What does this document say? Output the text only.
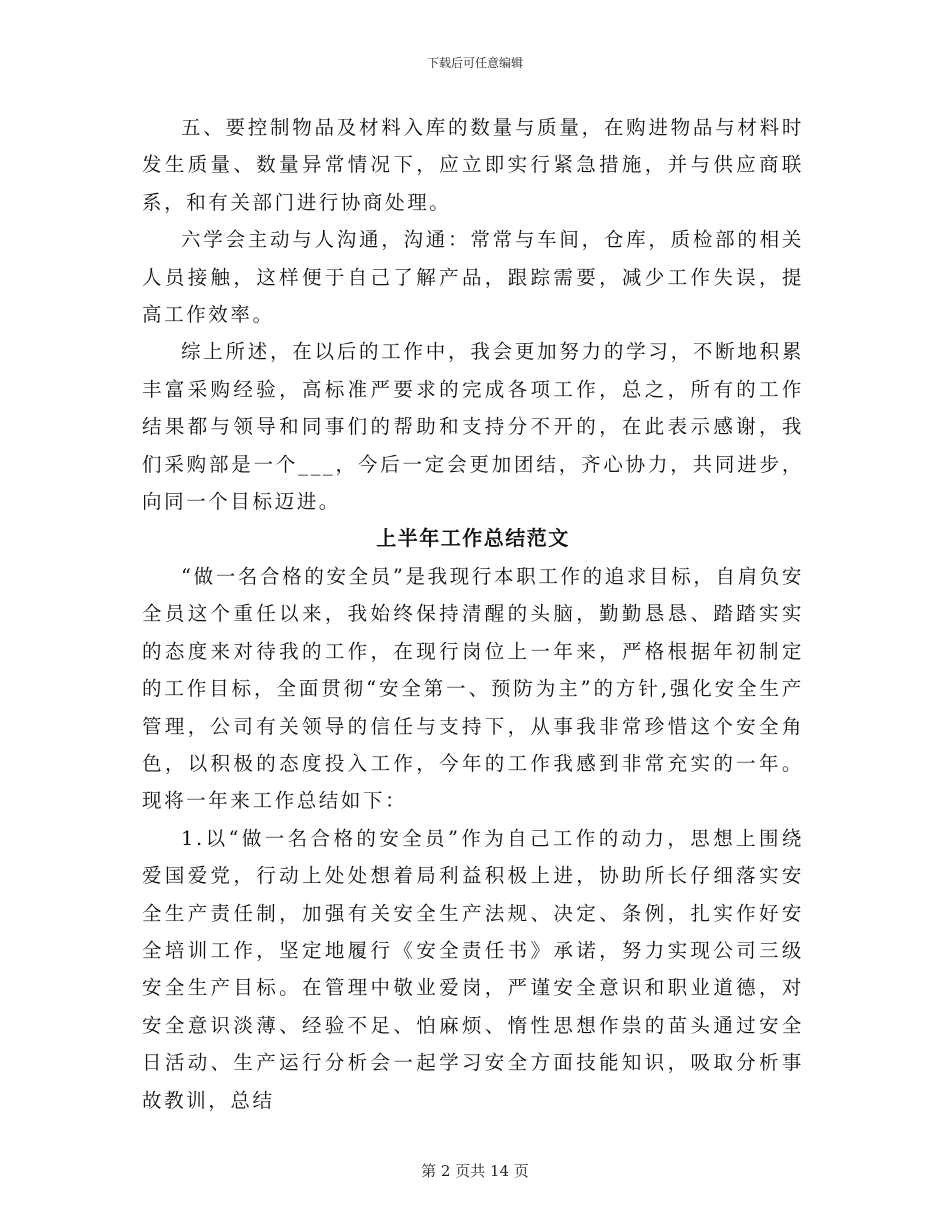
下载后可任意编辑

五、要控制物品及材料入库的数量与质量，在购进物品与材料时发生质量、数量异常情况下，应立即实行紧急措施，并与供应商联系，和有关部门进行协商处理。

六学会主动与人沟通，沟通：常常与车间，仓库，质检部的相关人员接触，这样便于自己了解产品，跟踪需要，减少工作失误，提高工作效率。

综上所述，在以后的工作中，我会更加努力的学习，不断地积累丰富采购经验，高标准严要求的完成各项工作，总之，所有的工作结果都与领导和同事们的帮助和支持分不开的，在此表示感谢，我们采购部是一个___，今后一定会更加团结，齐心协力，共同进步，向同一个目标迈进。

上半年工作总结范文

“做一名合格的安全员”是我现行本职工作的追求目标，自肩负安全员这个重任以来，我始终保持清醒的头脑，勤勤恳恳、踏踏实实的态度来对待我的工作，在现行岗位上一年来，严格根据年初制定的工作目标，全面贯彻“安全第一、预防为主”的方针,强化安全生产管理，公司有关领导的信任与支持下，从事我非常珍惜这个安全角色，以积极的态度投入工作，今年的工作我感到非常充实的一年。现将一年来工作总结如下：

1.以“做一名合格的安全员”作为自己工作的动力，思想上围绕爱国爱党，行动上处处想着局利益积极上进，协助所长仔细落实安全生产责任制，加强有关安全生产法规、决定、条例，扎实作好安全培训工作，坚定地履行《安全责任书》承诺，努力实现公司三级安全生产目标。在管理中敬业爱岗，严谨安全意识和职业道德，对安全意识淡薄、经验不足、怕麻烦、惰性思想作祟的苗头通过安全日活动、生产运行分析会一起学习安全方面技能知识，吸取分析事故教训，总结

第 2 页共 14 页
